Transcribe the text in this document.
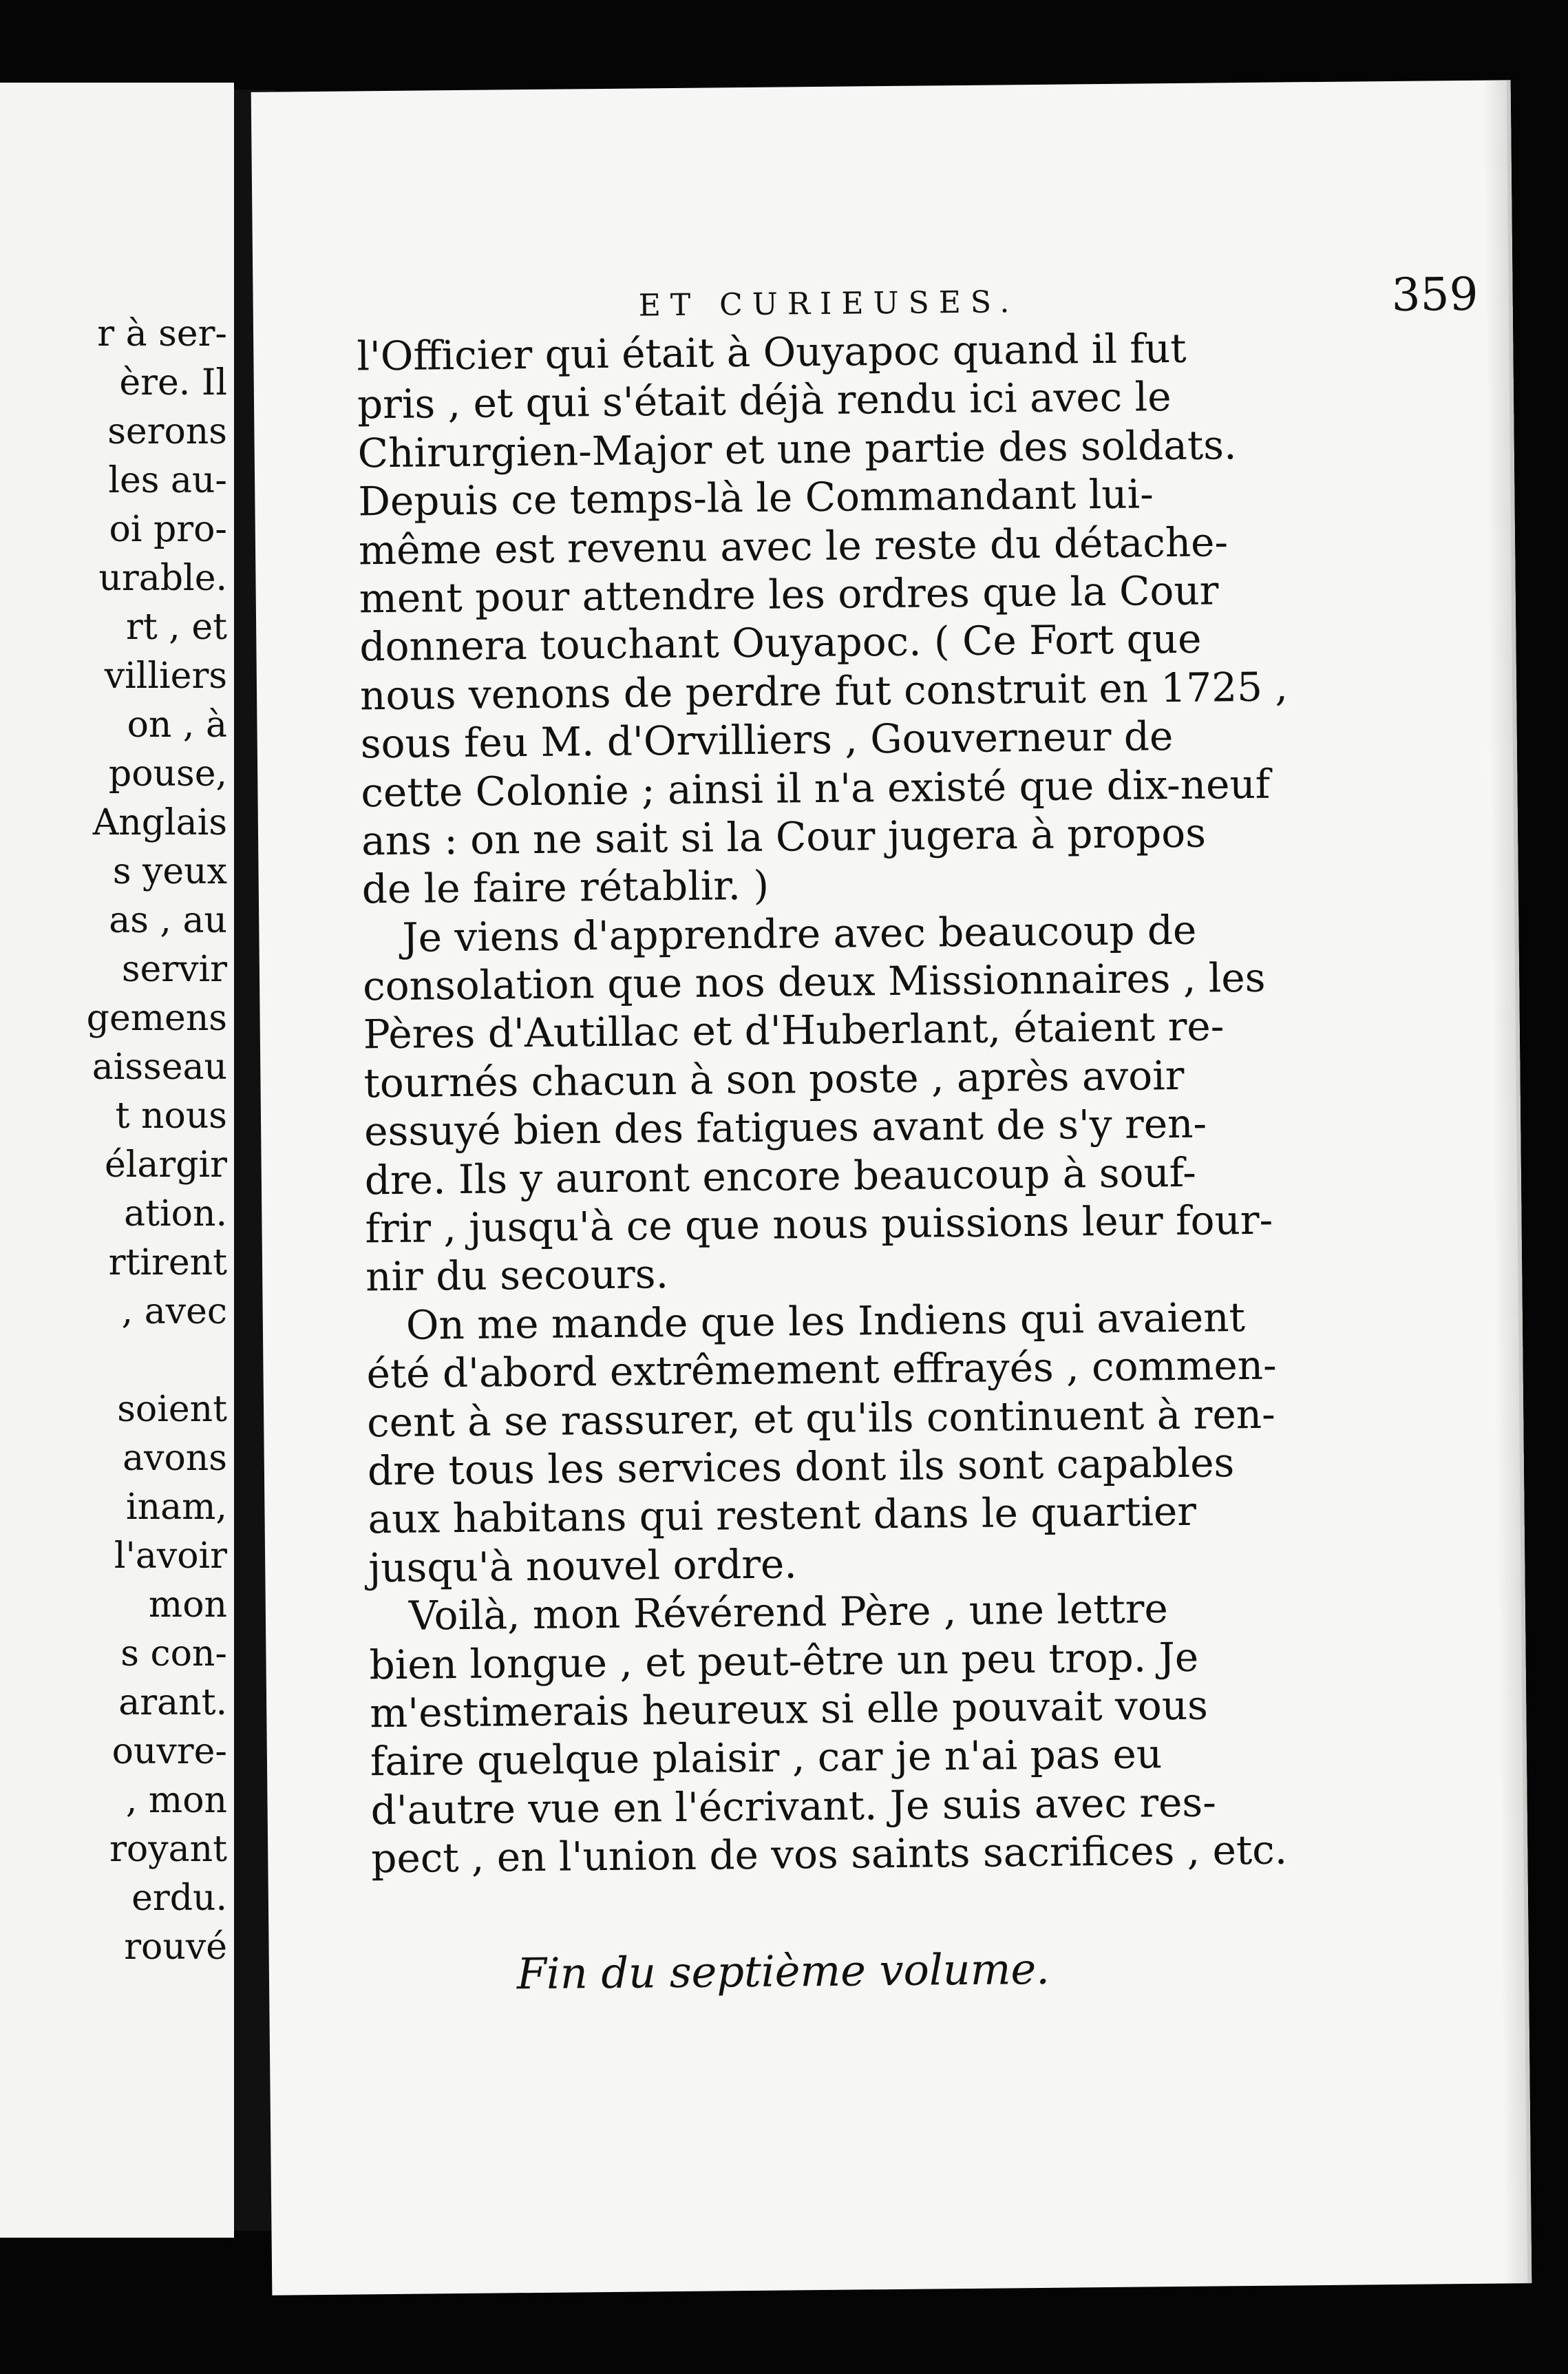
r à ser-
ère. Il
serons
les au-
oi pro-
urable.
rt , et
villiers
on , à
pouse,
Anglais
s yeux
as , au
servir
gemens
aisseau
t nous
élargir
ation.
rtirent
, avec
soient
avons
inam,
l'avoir
mon
s con-
arant.
ouvre-
, mon
royant
erdu.
rouvé
ET CURIEUSES.	359
l'Officier qui était à Ouyapoc quand il fut
pris , et qui s'était déjà rendu ici avec le
Chirurgien-Major et une partie des soldats.
Depuis ce temps-là le Commandant lui-
même est revenu avec le reste du détache-
ment pour attendre les ordres que la Cour
donnera touchant Ouyapoc. ( Ce Fort que
nous venons de perdre fut construit en 1725 ,
sous feu M. d'Orvilliers , Gouverneur de
cette Colonie ; ainsi il n'a existé que dix-neuf
ans : on ne sait si la Cour jugera à propos
de le faire rétablir. )
Je viens d'apprendre avec beaucoup de
consolation que nos deux Missionnaires , les
Pères d'Autillac et d'Huberlant, étaient re-
tournés chacun à son poste , après avoir
essuyé bien des fatigues avant de s'y ren-
dre. Ils y auront encore beaucoup à souf-
frir , jusqu'à ce que nous puissions leur four-
nir du secours.
On me mande que les Indiens qui avaient
été d'abord extrêmement effrayés , commen-
cent à se rassurer, et qu'ils continuent à ren-
dre tous les services dont ils sont capables
aux habitans qui restent dans le quartier
jusqu'à nouvel ordre.
Voilà, mon Révérend Père , une lettre
bien longue , et peut-être un peu trop. Je
m'estimerais heureux si elle pouvait vous
faire quelque plaisir , car je n'ai pas eu
d'autre vue en l'écrivant. Je suis avec res-
pect , en l'union de vos saints sacrifices , etc.
Fin du septième volume.
